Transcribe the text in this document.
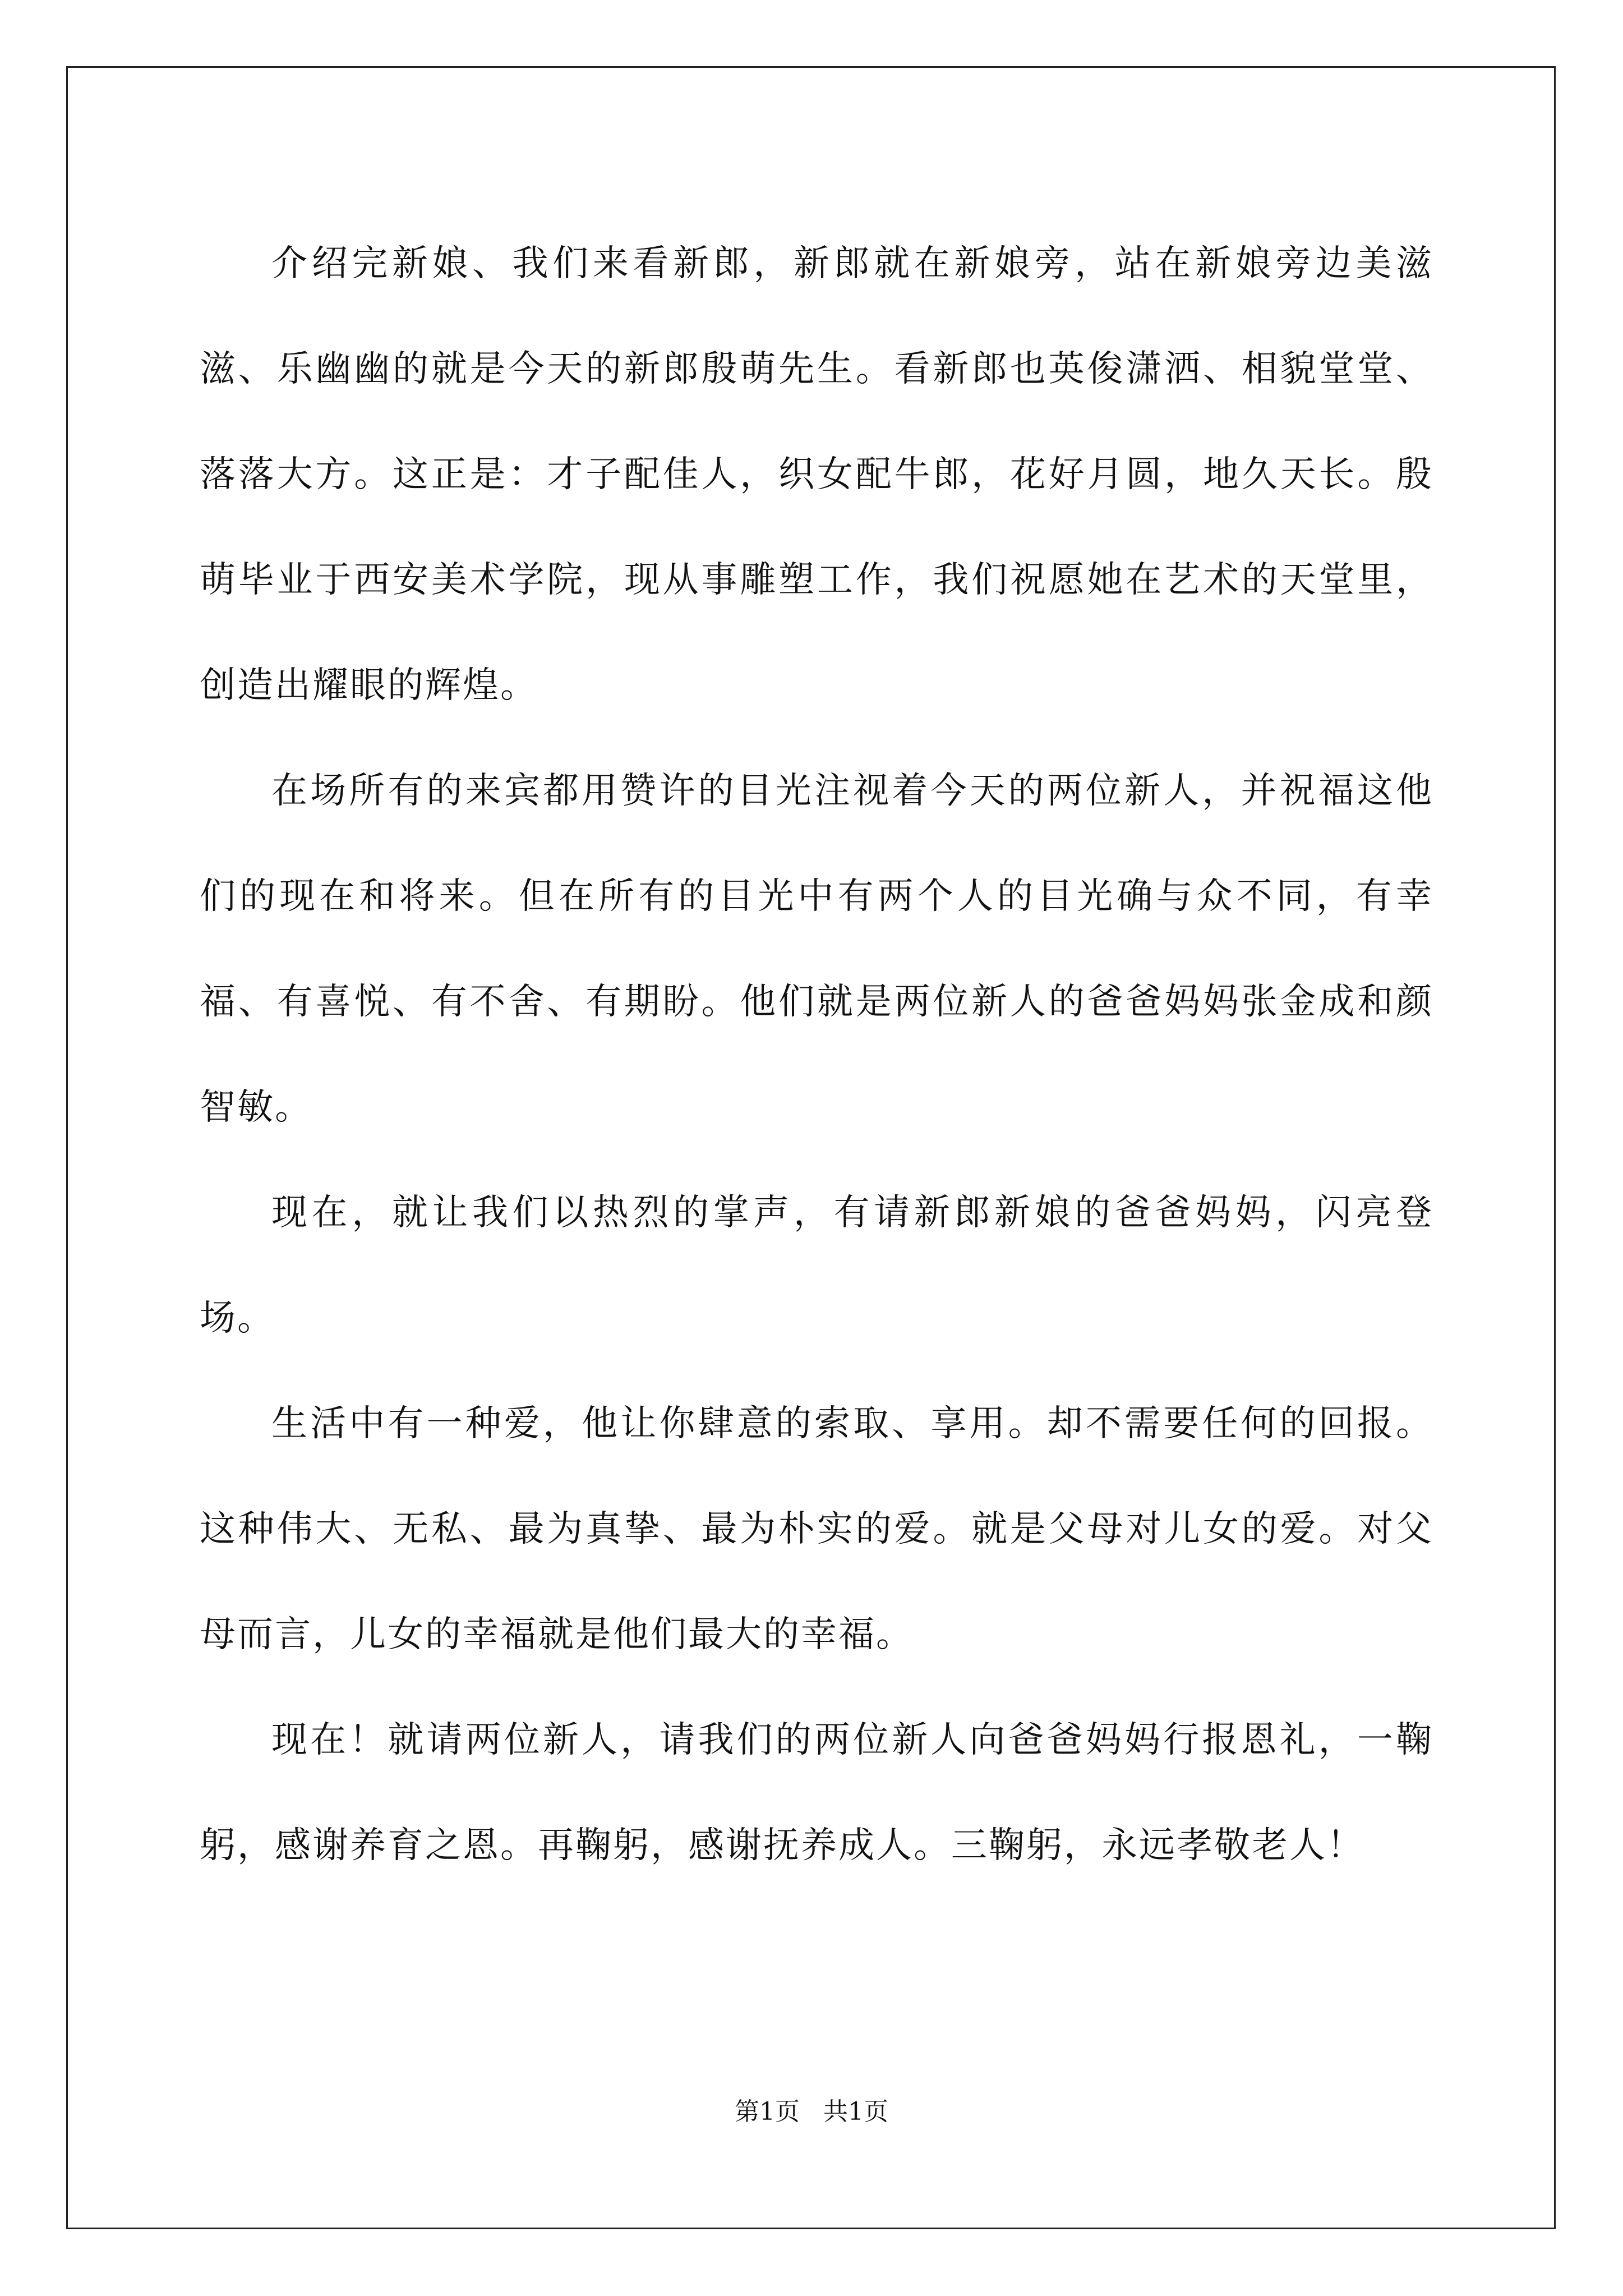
介绍完新娘、我们来看新郎，新郎就在新娘旁，站在新娘旁边美滋滋、乐幽幽的就是今天的新郎殷萌先生。看新郎也英俊潇洒、相貌堂堂、落落大方。这正是：才子配佳人，织女配牛郎，花好月圆，地久天长。殷萌毕业于西安美术学院，现从事雕塑工作，我们祝愿她在艺术的天堂里，创造出耀眼的辉煌。

在场所有的来宾都用赞许的目光注视着今天的两位新人，并祝福这他们的现在和将来。但在所有的目光中有两个人的目光确与众不同，有幸福、有喜悦、有不舍、有期盼。他们就是两位新人的爸爸妈妈张金成和颜智敏。

现在，就让我们以热烈的掌声，有请新郎新娘的爸爸妈妈，闪亮登场。

生活中有一种爱，他让你肆意的索取、享用。却不需要任何的回报。这种伟大、无私、最为真挚、最为朴实的爱。就是父母对儿女的爱。对父母而言，儿女的幸福就是他们最大的幸福。

现在！就请两位新人，请我们的两位新人向爸爸妈妈行报恩礼，一鞠躬，感谢养育之恩。再鞠躬，感谢抚养成人。三鞠躬，永远孝敬老人！

第1页 共1页
